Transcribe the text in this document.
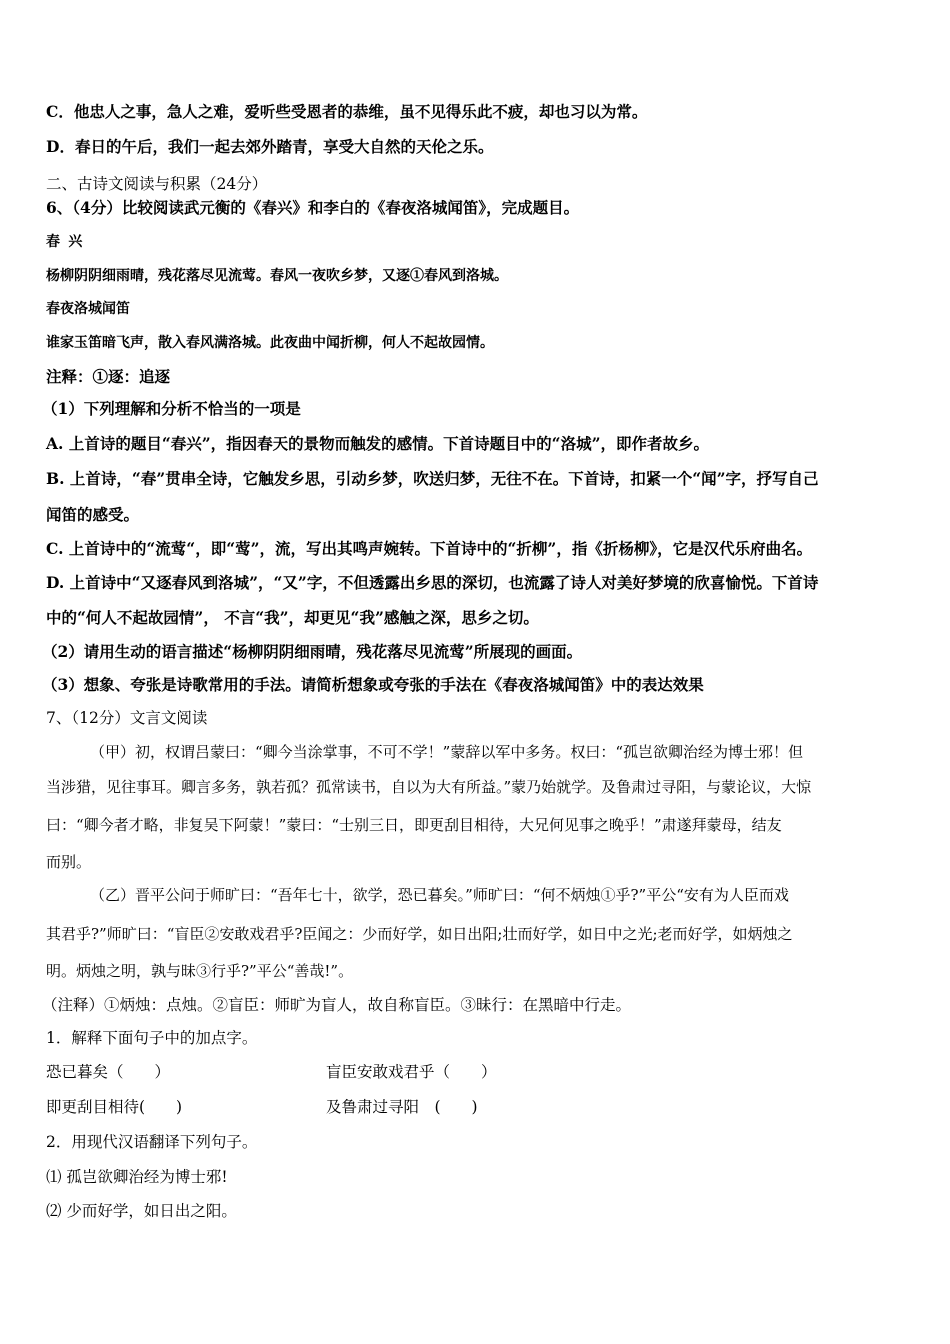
C．他忠人之事，急人之难，爱听些受恩者的恭维，虽不见得乐此不疲，却也习以为常。
D．春日的午后，我们一起去郊外踏青，享受大自然的天伦之乐。
二、古诗文阅读与积累（24分）
6、（4分）比较阅读武元衡的《春兴》和李白的《春夜洛城闻笛》，完成题目。
春 兴
杨柳阴阴细雨晴，残花落尽见流莺。春风一夜吹乡梦，又逐①春风到洛城。
春夜洛城闻笛
谁家玉笛暗飞声，散入春风满洛城。此夜曲中闻折柳，何人不起故园情。
注释：①逐：追逐
（1）下列理解和分析不恰当的一项是
A. 上首诗的题目“春兴”，指因春天的景物而触发的感情。下首诗题目中的“洛城”，即作者故乡。
B. 上首诗，“春”贯串全诗，它触发乡思，引动乡梦，吹送归梦，无往不在。下首诗，扣紧一个“闻”字，抒写自己
闻笛的感受。
C. 上首诗中的“流莺“，即“莺”，流，写出其鸣声婉转。下首诗中的“折柳”，指《折杨柳》，它是汉代乐府曲名。
D. 上首诗中“又逐春风到洛城”，“又”字，不但透露出乡思的深切，也流露了诗人对美好梦境的欣喜愉悦。下首诗
中的“何人不起故园情”， 不言“我”，却更见“我”感触之深，思乡之切。
（2）请用生动的语言描述“杨柳阴阴细雨晴，残花落尽见流莺”所展现的画面。
（3）想象、夸张是诗歌常用的手法。请简析想象或夸张的手法在《春夜洛城闻笛》中的表达效果
7、（12分）文言文阅读
（甲）初，权谓吕蒙曰：“卿今当涂掌事，不可不学！”蒙辞以军中多务。权曰：“孤岂欲卿治经为博士邪！但
当涉猎，见往事耳。卿言多务，孰若孤？孤常读书，自以为大有所益。”蒙乃始就学。及鲁肃过寻阳，与蒙论议，大惊
曰：“卿今者才略，非复吴下阿蒙！”蒙曰：“士别三日，即更刮目相待，大兄何见事之晚乎！”肃遂拜蒙母，结友
而别。
（乙）晋平公问于师旷曰：“吾年七十，欲学，恐已暮矣。”师旷曰：“何不炳烛①乎?”平公“安有为人臣而戏
其君乎?”师旷曰：“盲臣②安敢戏君乎?臣闻之：少而好学，如日出阳;壮而好学，如日中之光;老而好学，如炳烛之
明。炳烛之明，孰与昧③行乎?”平公“善哉!”。
（注释）①炳烛：点烛。②盲臣：师旷为盲人，故自称盲臣。③昧行：在黑暗中行走。
1．解释下面句子中的加点字。
恐已暮矣（　　）	盲臣安敢戏君乎（　　）
即更刮目相待(　　)	及鲁肃过寻阳　(　　)
2．用现代汉语翻译下列句子。
⑴ 孤岂欲卿治经为博士邪!
⑵ 少而好学，如日出之阳。
